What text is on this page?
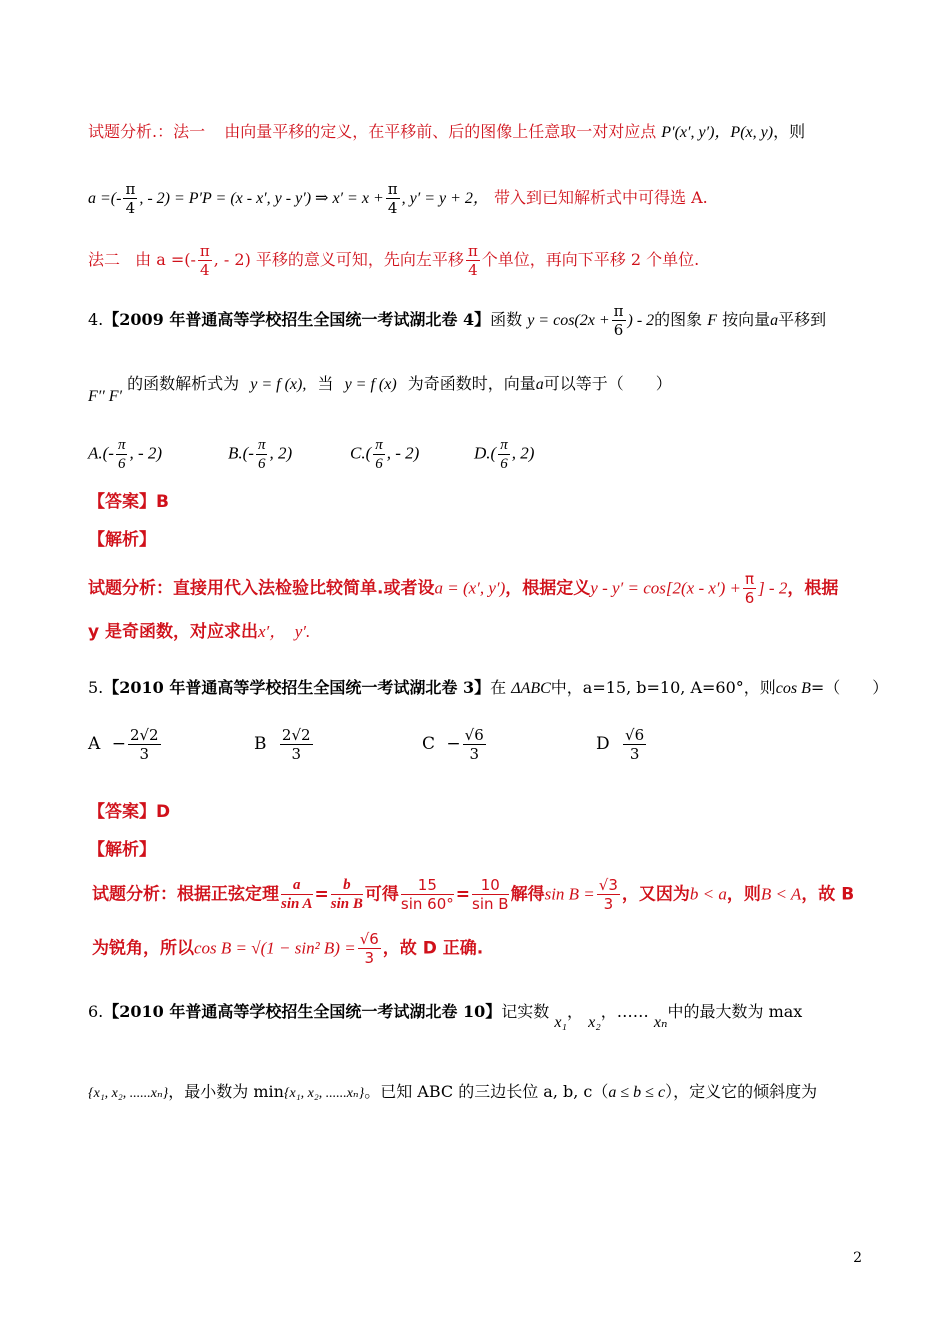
试题分析.：法一 由向量平移的定义，在平移前、后的图像上任意取一对对应点 P′(x′, y′)，P(x, y)，则
a =(- $\frac{\pi}{4}$ , - 2) = P′P = (x - x′, y - y′) ⇒ $x' = x + \frac{\pi}{4}$ , y′ = y + 2， 带入到已知解析式中可得选 A.
法二 由 a =(- $\frac{\pi}{4}$ , - 2) 平移的意义可知，先向左平移 $\frac{\pi}{4}$ 个单位，再向下平移 2 个单位.
4.【2009 年普通高等学校招生全国统一考试湖北卷 4】函数 $y = \cos(2x + \frac{\pi}{6}$ ) - 2的图象 F 按向量a平移到
F′′ F′ 的函数解析式为 y = f (x), 当 y = f (x) 为奇函数时，向量a可以等于（　　）
$A.(- \frac{\pi}{6}$ , - 2)	$B.(- \frac{\pi}{6}$ , 2)	$C.( \frac{\pi}{6}$ , - 2)	$D.( \frac{\pi}{6}$ , 2)
【答案】B
【解析】
试题分析：直接用代入法检验比较简单.或者设a = (x′, y′)，根据定义$y - y' = \cos[2(x - x') + \frac{\pi}{6}$ ] - 2，根据
y 是奇函数，对应求出x′，　y′.
5.【2010 年普通高等学校招生全国统一考试湖北卷 3】在 ΔABC中，a=15, b=10, A=60°，则cos B=（　　）
$A - \frac{2√2}{3}$	B $\frac{2√2}{3}$	$C - \frac{√6}{3}$	D $\frac{√6}{3}$
【答案】D
【解析】
试题分析：根据正弦定理 $\frac{a}{\text{sin A}} = \frac{b}{\text{sin B}}$ 可得 $\frac{15}{\sin 60^\circ} = \frac{10}{\text{sin B}}$ 解得$\sin B = \frac{√3}{3}$ ，又因为b < a，则B < A，故 B
为锐角，所以cos B = √(1 − sin² $B) = \frac{√6}{3}$ ，故 D 正确.
6.【2010 年普通高等学校招生全国统一考试湖北卷 10】记实数 x₁， x₂，…… xₙ中的最大数为 max
{x₁, x₂, ......xₙ}，最小数为 min{x₁, x₂, ......xₙ}。已知 ABC 的三边长位 a, b, c（a ≤ b ≤ c），定义它的倾斜度为
2
